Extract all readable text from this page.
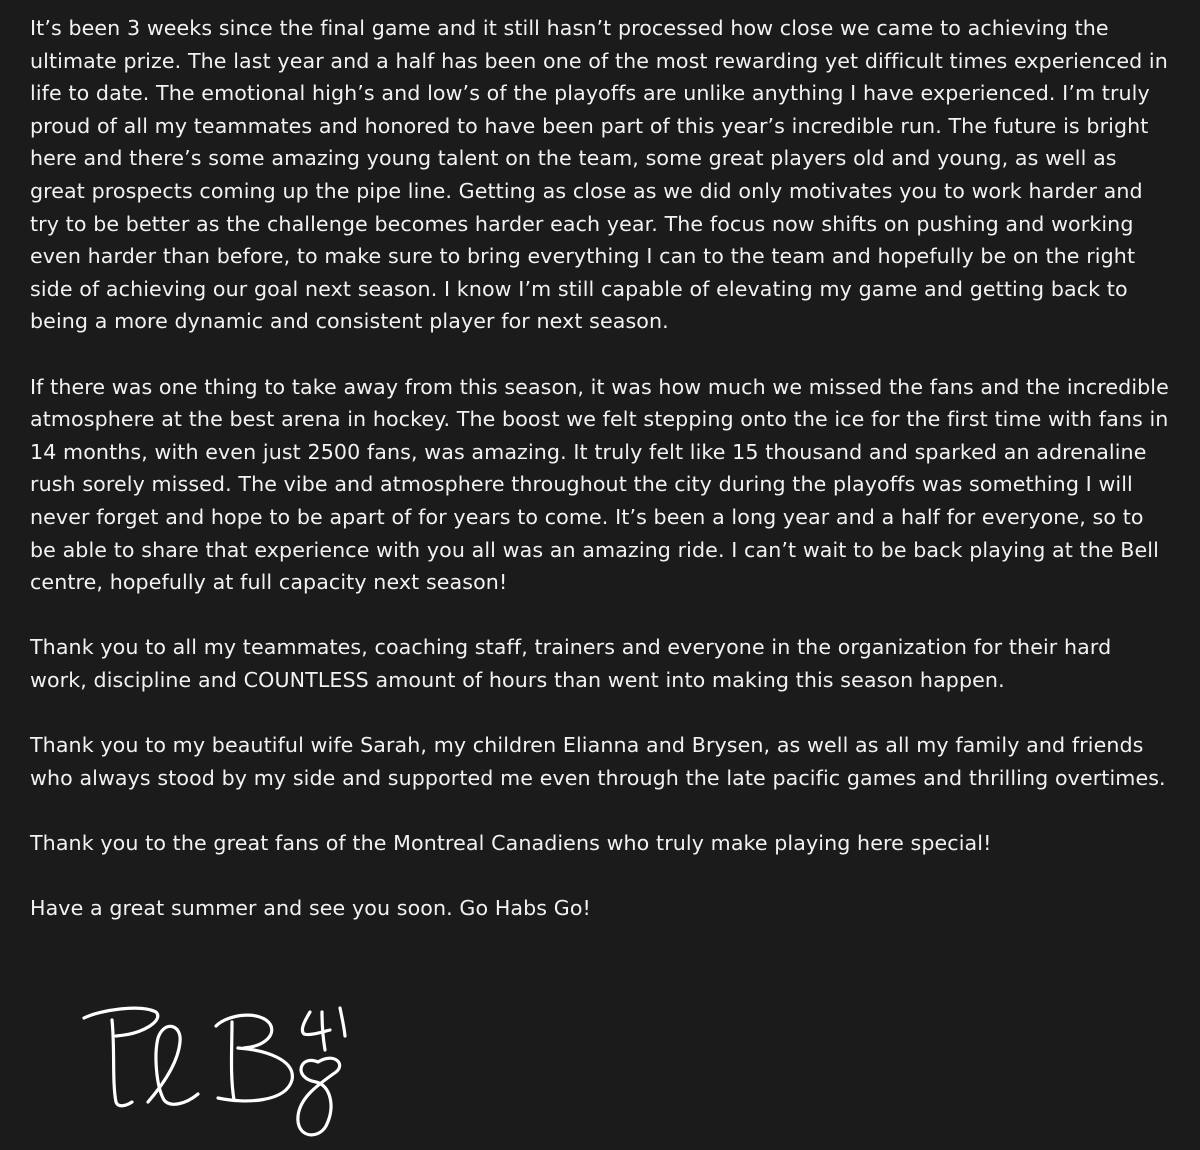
It’s been 3 weeks since the final game and it still hasn’t processed how close we came to achieving the ultimate prize. The last year and a half has been one of the most rewarding yet difficult times experienced in life to date. The emotional high’s and low’s of the playoffs are unlike anything I have experienced. I’m truly proud of all my teammates and honored to have been part of this year’s incredible run. The future is bright here and there’s some amazing young talent on the team, some great players old and young, as well as great prospects coming up the pipe line. Getting as close as we did only motivates you to work harder and try to be better as the challenge becomes harder each year. The focus now shifts on pushing and working even harder than before, to make sure to bring everything I can to the team and hopefully be on the right side of achieving our goal next season. I know I’m still capable of elevating my game and getting back to being a more dynamic and consistent player for next season.

If there was one thing to take away from this season, it was how much we missed the fans and the incredible atmosphere at the best arena in hockey. The boost we felt stepping onto the ice for the first time with fans in 14 months, with even just 2500 fans, was amazing. It truly felt like 15 thousand and sparked an adrenaline rush sorely missed. The vibe and atmosphere throughout the city during the playoffs was something I will never forget and hope to be apart of for years to come. It’s been a long year and a half for everyone, so to be able to share that experience with you all was an amazing ride. I can’t wait to be back playing at the Bell centre, hopefully at full capacity next season!

Thank you to all my teammates, coaching staff, trainers and everyone in the organization for their hard work, discipline and COUNTLESS amount of hours than went into making this season happen.

Thank you to my beautiful wife Sarah, my children Elianna and Brysen, as well as all my family and friends who always stood by my side and supported me even through the late pacific games and thrilling overtimes.

Thank you to the great fans of the Montreal Canadiens who truly make playing here special!

Have a great summer and see you soon. Go Habs Go!
